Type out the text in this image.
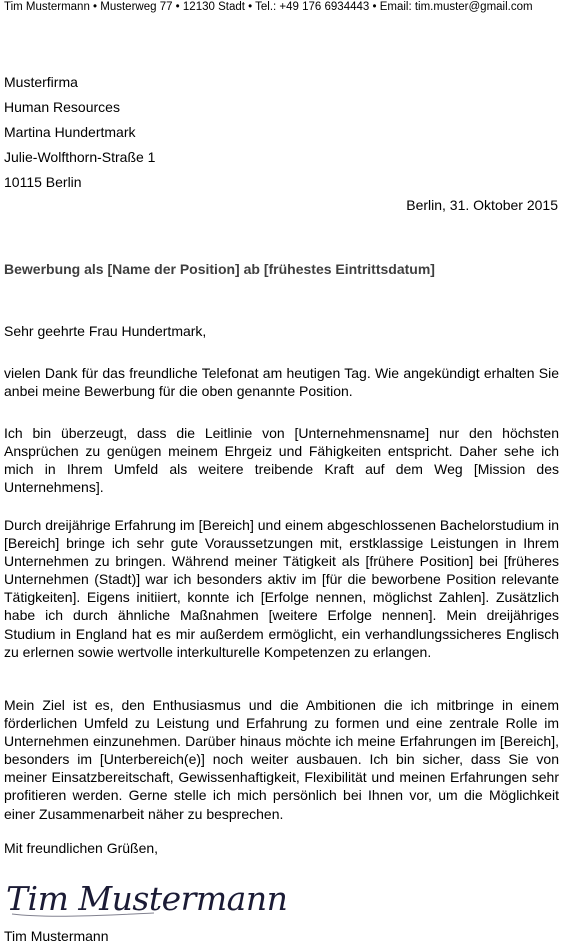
Tim Mustermann • Musterweg 77 • 12130 Stadt • Tel.: +49 176 6934443 • Email: tim.muster@gmail.com
Musterfirma
Human Resources
Martina Hundertmark
Julie-Wolfthorn-Straße 1
10115 Berlin
Berlin, 31. Oktober 2015
Bewerbung als [Name der Position] ab [frühestes Eintrittsdatum]
Sehr geehrte Frau Hundertmark,
vielen Dank für das freundliche Telefonat am heutigen Tag. Wie angekündigt erhalten Sie anbei meine Bewerbung für die oben genannte Position.
Ich bin überzeugt, dass die Leitlinie von [Unternehmensname] nur den höchsten Ansprüchen zu genügen meinem Ehrgeiz und Fähigkeiten entspricht. Daher sehe ich mich in Ihrem Umfeld als weitere treibende Kraft auf dem Weg [Mission des Unternehmens].
Durch dreijährige Erfahrung im [Bereich] und einem abgeschlossenen Bachelorstudium in [Bereich] bringe ich sehr gute Voraussetzungen mit, erstklassige Leistungen in Ihrem Unternehmen zu bringen. Während meiner Tätigkeit als [frühere Position] bei [früheres Unternehmen (Stadt)] war ich besonders aktiv im [für die beworbene Position relevante Tätigkeiten]. Eigens initiiert, konnte ich [Erfolge nennen, möglichst Zahlen]. Zusätzlich habe ich durch ähnliche Maßnahmen [weitere Erfolge nennen]. Mein dreijähriges Studium in England hat es mir außerdem ermöglicht, ein verhandlungssicheres Englisch zu erlernen sowie wertvolle interkulturelle Kompetenzen zu erlangen.
Mein Ziel ist es, den Enthusiasmus und die Ambitionen die ich mitbringe in einem förderlichen Umfeld zu Leistung und Erfahrung zu formen und eine zentrale Rolle im Unternehmen einzunehmen. Darüber hinaus möchte ich meine Erfahrungen im [Bereich], besonders im [Unterbereich(e)] noch weiter ausbauen. Ich bin sicher, dass Sie von meiner Einsatzbereitschaft, Gewissenhaftigkeit, Flexibilität und meinen Erfahrungen sehr profitieren werden. Gerne stelle ich mich persönlich bei Ihnen vor, um die Möglichkeit einer Zusammenarbeit näher zu besprechen.
Mit freundlichen Grüßen,
Tim Mustermann
Tim Mustermann
